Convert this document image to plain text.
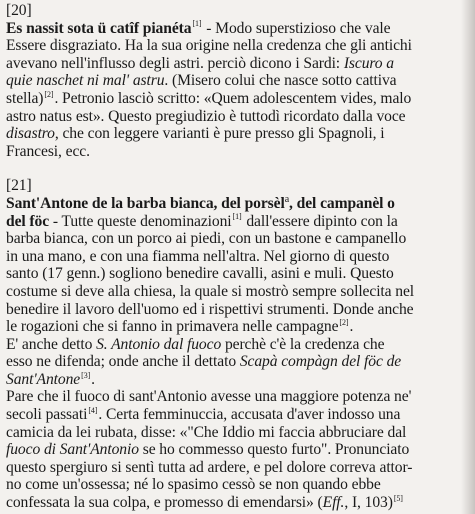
[20]
Es nassit sota ü catîf pianéta[1] - Modo superstizioso che vale
Essere disgraziato. Ha la sua origine nella credenza che gli antichi
avevano nell'influsso degli astri. perciò dicono i Sardi: Iscuro a
quie naschet ni mal' astru. (Misero colui che nasce sotto cattiva
stella)[2]. Petronio lasciò scritto: «Quem adolescentem vides, malo
astro natus est». Questo pregiudizio è tuttodì ricordato dalla voce
disastro, che con leggere varianti è pure presso gli Spagnoli, i
Francesi, ecc.
[21]
Sant'Antone de la barba bianca, del porsèl$^a$, del campanèl o
del föc - Tutte queste denominazioni[1] dall'essere dipinto con la
barba bianca, con un porco ai piedi, con un bastone e campanello
in una mano, e con una fiamma nell'altra. Nel giorno di questo
santo (17 genn.) sogliono benedire cavalli, asini e muli. Questo
costume si deve alla chiesa, la quale si mostrò sempre sollecita nel
benedire il lavoro dell'uomo ed i rispettivi strumenti. Donde anche
le rogazioni che si fanno in primavera nelle campagne[2].
E' anche detto S. Antonio dal fuoco perchè c'è la credenza che
esso ne difenda; onde anche il dettato Scapà compàgn del föc de
Sant'Antone[3].
Pare che il fuoco di sant'Antonio avesse una maggiore potenza ne'
secoli passati[4]. Certa femminuccia, accusata d'aver indosso una
camicia da lei rubata, disse: «"Che Iddio mi faccia abbruciare dal
fuoco di Sant'Antonio se ho commesso questo furto". Pronunciato
questo spergiuro si sentì tutta ad ardere, e pel dolore correva attor-
no come un'ossessa; né lo spasimo cessò se non quando ebbe
confessata la sua colpa, e promesso di emendarsi» (Eff., I, 103)[5]
